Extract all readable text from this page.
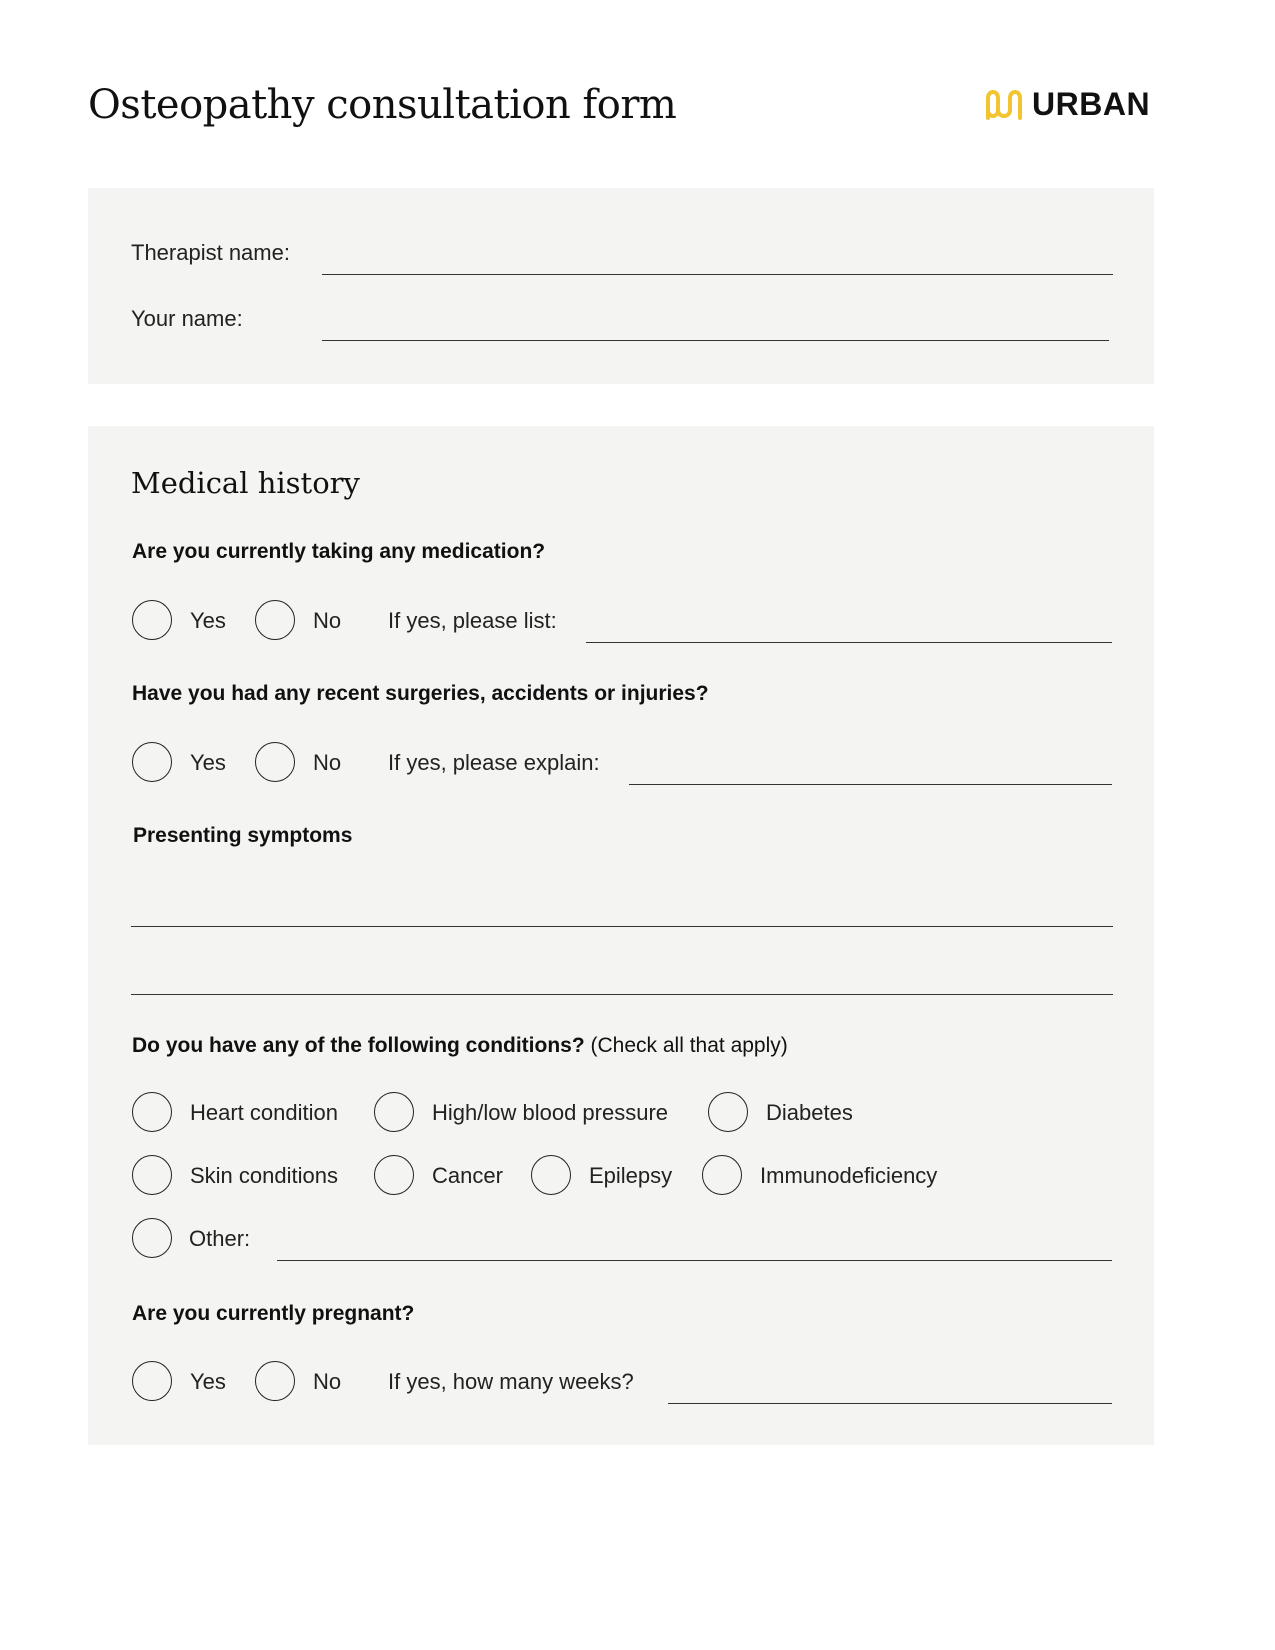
Osteopathy consultation form	URBAN
Therapist name:
Your name:
Medical history
Are you currently taking any medication?
Yes	No If yes, please list:
Have you had any recent surgeries, accidents or injuries?
Yes	No If yes, please explain:
Presenting symptoms
Do you have any of the following conditions? (Check all that apply)
Heart condition	High/low blood pressure	Diabetes
Skin conditions	Cancer	Epilepsy	Immunodeficiency
Other:
Are you currently pregnant?
Yes	No If yes, how many weeks?
